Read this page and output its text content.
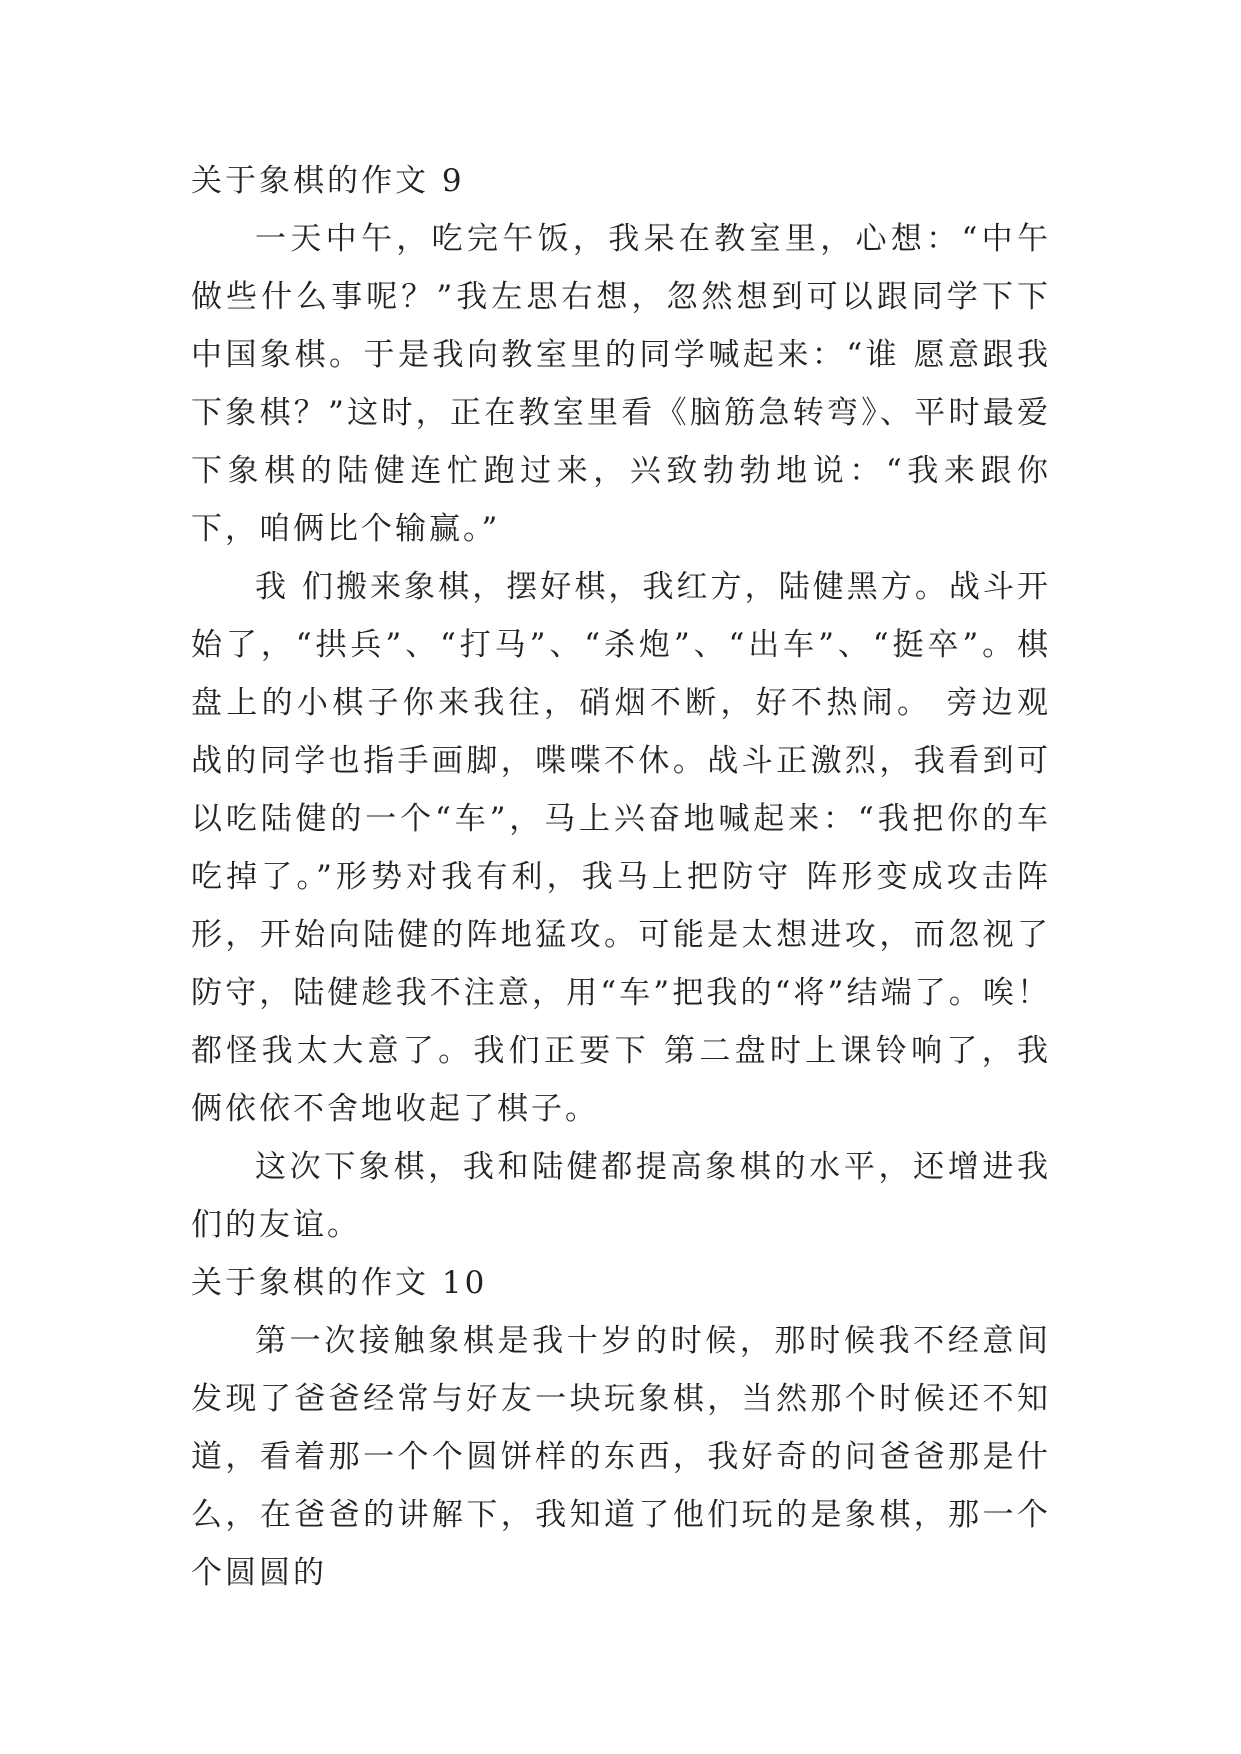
关于象棋的作文 9

一天中午，吃完午饭，我呆在教室里，心想：“中午做些什么事呢？”我左思右想，忽然想到可以跟同学下下中国象棋。于是我向教室里的同学喊起来：“谁 愿意跟我下象棋？”这时，正在教室里看《脑筋急转弯》、平时最爱下象棋的陆健连忙跑过来，兴致勃勃地说：“我来跟你下，咱俩比个输赢。”

我 们搬来象棋，摆好棋，我红方，陆健黑方。战斗开始了，“拱兵”、“打马”、“杀炮”、“出车”、“挺卒”。棋盘上的小棋子你来我往，硝烟不断，好不热闹。 旁边观战的同学也指手画脚，喋喋不休。战斗正激烈，我看到可以吃陆健的一个“车”，马上兴奋地喊起来：“我把你的车吃掉了。”形势对我有利，我马上把防守 阵形变成攻击阵形，开始向陆健的阵地猛攻。可能是太想进攻，而忽视了防守，陆健趁我不注意，用“车”把我的“将”结端了。唉！都怪我太大意了。我们正要下 第二盘时上课铃响了，我俩依依不舍地收起了棋子。

这次下象棋，我和陆健都提高象棋的水平，还增进我们的友谊。

关于象棋的作文 10

第一次接触象棋是我十岁的时候，那时候我不经意间发现了爸爸经常与好友一块玩象棋，当然那个时候还不知道，看着那一个个圆饼样的东西，我好奇的问爸爸那是什么，在爸爸的讲解下，我知道了他们玩的是象棋，那一个个圆圆的
